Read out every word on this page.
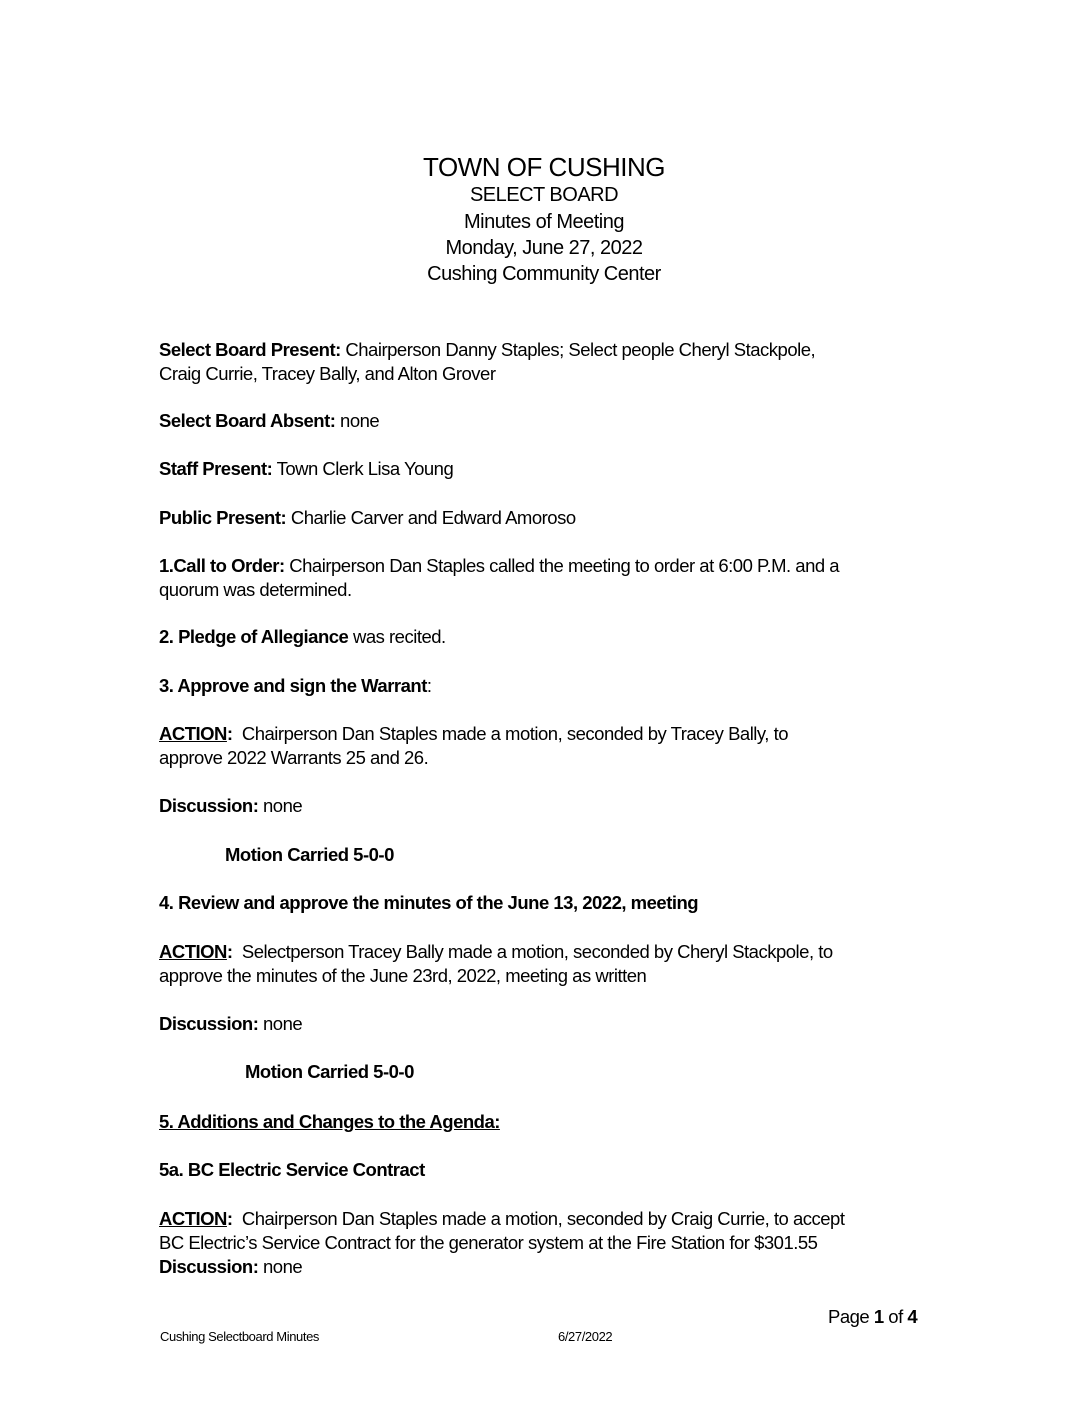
TOWN OF CUSHING
SELECT BOARD
Minutes of Meeting
Monday, June 27, 2022
Cushing Community Center
Select Board Present: Chairperson Danny Staples; Select people Cheryl Stackpole,
Craig Currie, Tracey Bally, and Alton Grover
Select Board Absent: none
Staff Present: Town Clerk Lisa Young
Public Present: Charlie Carver and Edward Amoroso
1.Call to Order: Chairperson Dan Staples called the meeting to order at 6:00 P.M. and a
quorum was determined.
2. Pledge of Allegiance was recited.
3. Approve and sign the Warrant:
ACTION:  Chairperson Dan Staples made a motion, seconded by Tracey Bally, to
approve 2022 Warrants 25 and 26.
Discussion: none
Motion Carried 5-0-0
4. Review and approve the minutes of the June 13, 2022, meeting
ACTION:  Selectperson Tracey Bally made a motion, seconded by Cheryl Stackpole, to
approve the minutes of the June 23rd, 2022, meeting as written
Discussion: none
Motion Carried 5-0-0
5. Additions and Changes to the Agenda:
5a. BC Electric Service Contract
ACTION:  Chairperson Dan Staples made a motion, seconded by Craig Currie, to accept
BC Electric’s Service Contract for the generator system at the Fire Station for $301.55
Discussion: none
Cushing Selectboard Minutes	6/27/2022
Page 1 of 4
